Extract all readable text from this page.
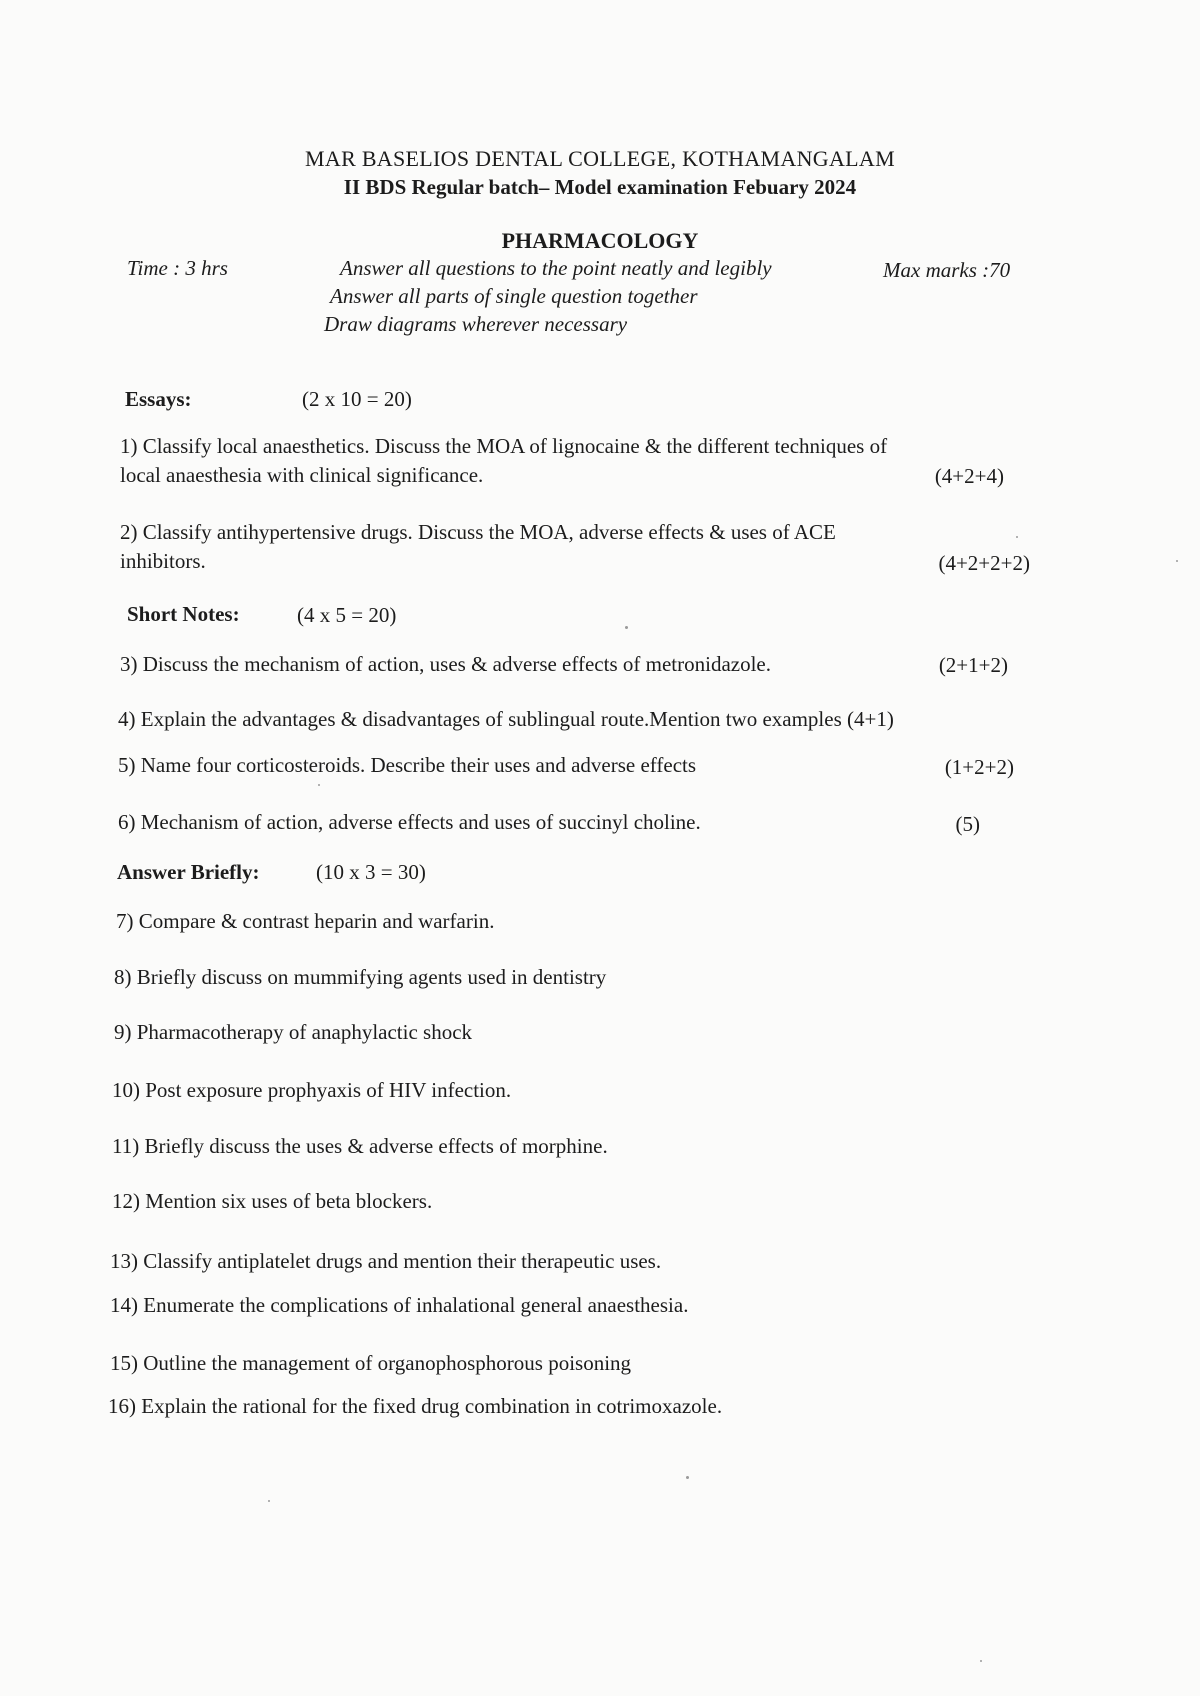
MAR BASELIOS DENTAL COLLEGE, KOTHAMANGALAM
II BDS Regular batch– Model examination Febuary 2024
PHARMACOLOGY
Time : 3 hrs	Answer all questions to the point neatly and legibly	Max marks :70
Answer all parts of single question together
Draw diagrams wherever necessary
Essays:	(2 x 10 = 20)
1) Classify local anaesthetics. Discuss the MOA of lignocaine & the different techniques of
local anaesthesia with clinical significance.	(4+2+4)
2) Classify antihypertensive drugs. Discuss the MOA, adverse effects & uses of ACE
inhibitors.	(4+2+2+2)
Short Notes:	(4 x 5 = 20)
3) Discuss the mechanism of action, uses & adverse effects of metronidazole.	(2+1+2)
4) Explain the advantages & disadvantages of sublingual route.Mention two examples (4+1)
5) Name four corticosteroids. Describe their uses and adverse effects	(1+2+2)
6) Mechanism of action, adverse effects and uses of succinyl choline.	(5)
Answer Briefly:	(10 x 3 = 30)
7) Compare & contrast heparin and warfarin.
8) Briefly discuss on mummifying agents used in dentistry
9) Pharmacotherapy of anaphylactic shock
10) Post exposure prophyaxis of HIV infection.
11) Briefly discuss the uses & adverse effects of morphine.
12) Mention six uses of beta blockers.
13) Classify antiplatelet drugs and mention their therapeutic uses.
14) Enumerate the complications of inhalational general anaesthesia.
15) Outline the management of organophosphorous poisoning
16) Explain the rational for the fixed drug combination in cotrimoxazole.
